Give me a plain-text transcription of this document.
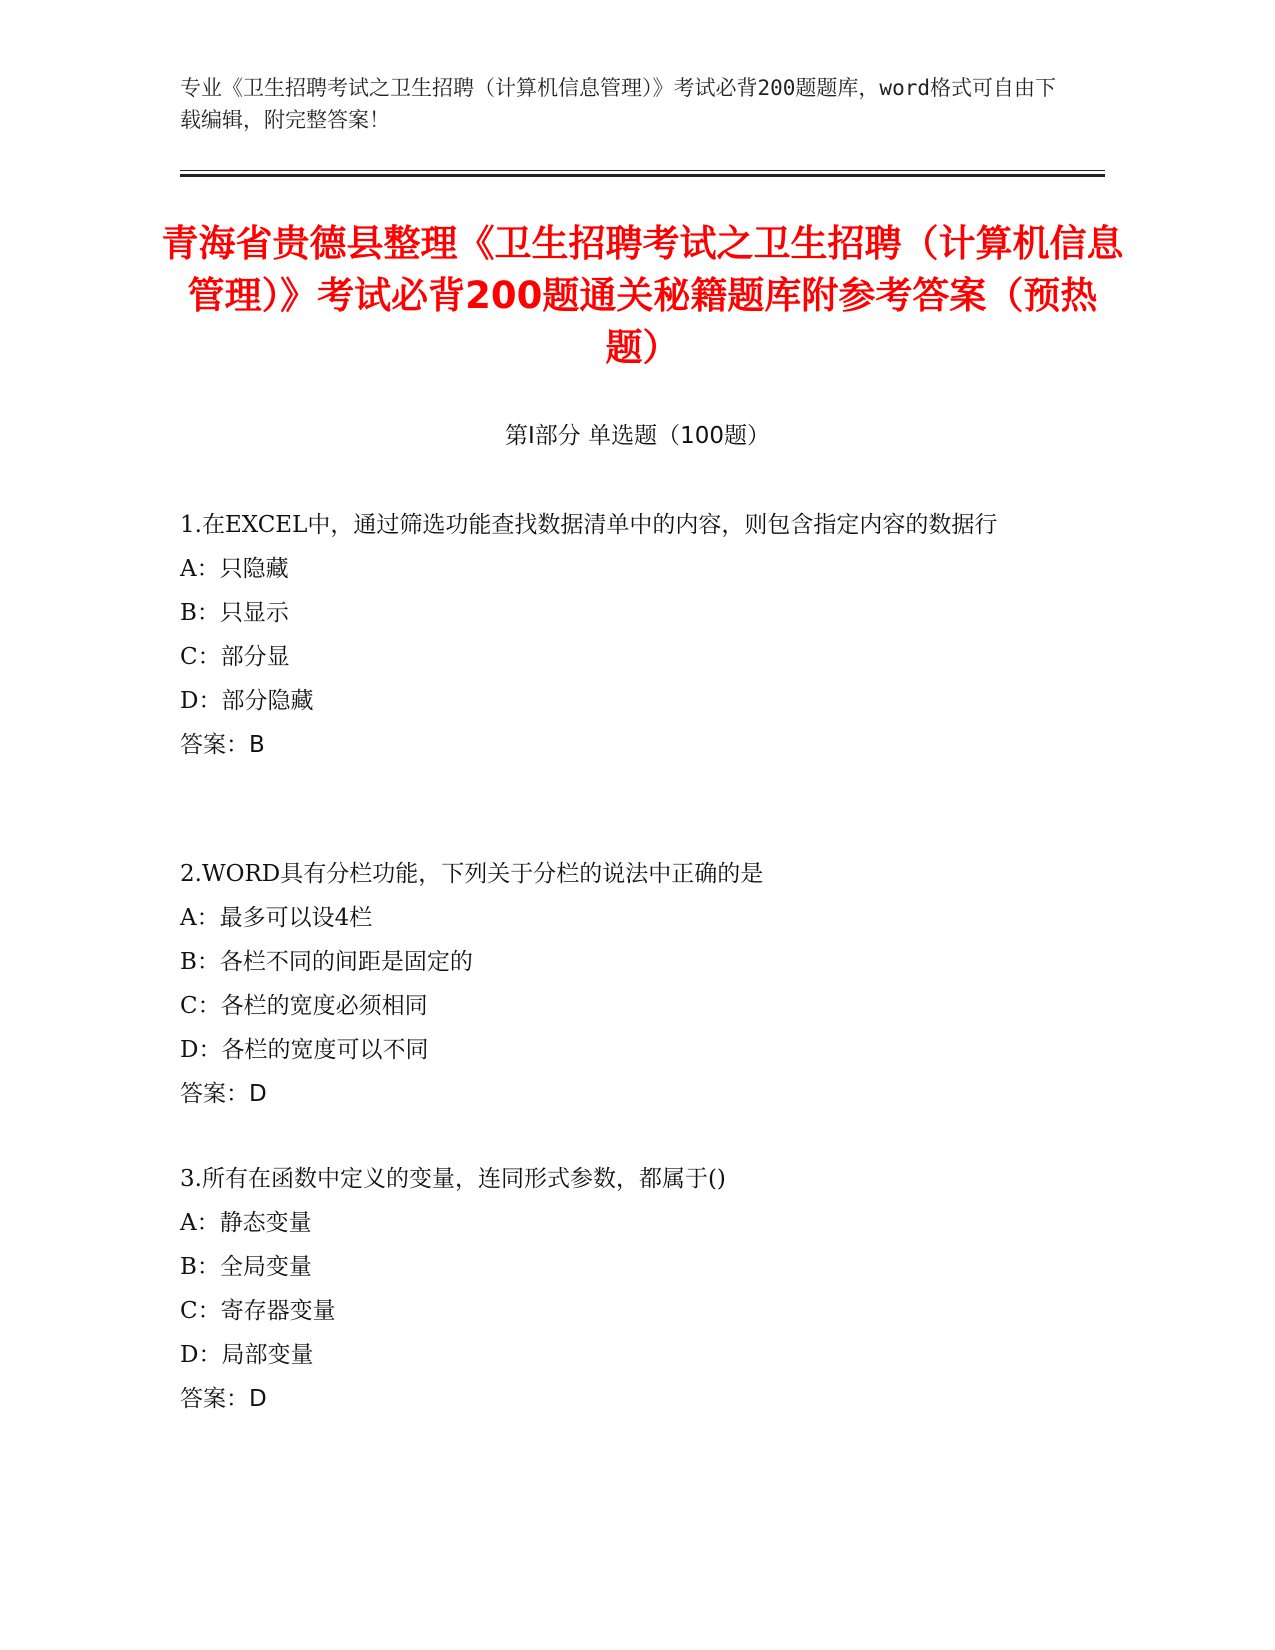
专业《卫生招聘考试之卫生招聘（计算机信息管理）》考试必背200题题库，word格式可自由下载编辑，附完整答案！
青海省贵德县整理《卫生招聘考试之卫生招聘（计算机信息管理）》考试必背200题通关秘籍题库附参考答案（预热题）
第Ⅰ部分 单选题（100题）
1.在EXCEL中，通过筛选功能查找数据清单中的内容，则包含指定内容的数据行
A：只隐藏
B：只显示
C：部分显
D：部分隐藏
答案：B
2.WORD具有分栏功能，下列关于分栏的说法中正确的是
A：最多可以设4栏
B：各栏不同的间距是固定的
C：各栏的宽度必须相同
D：各栏的宽度可以不同
答案：D
3.所有在函数中定义的变量，连同形式参数，都属于()
A：静态变量
B：全局变量
C：寄存器变量
D：局部变量
答案：D
